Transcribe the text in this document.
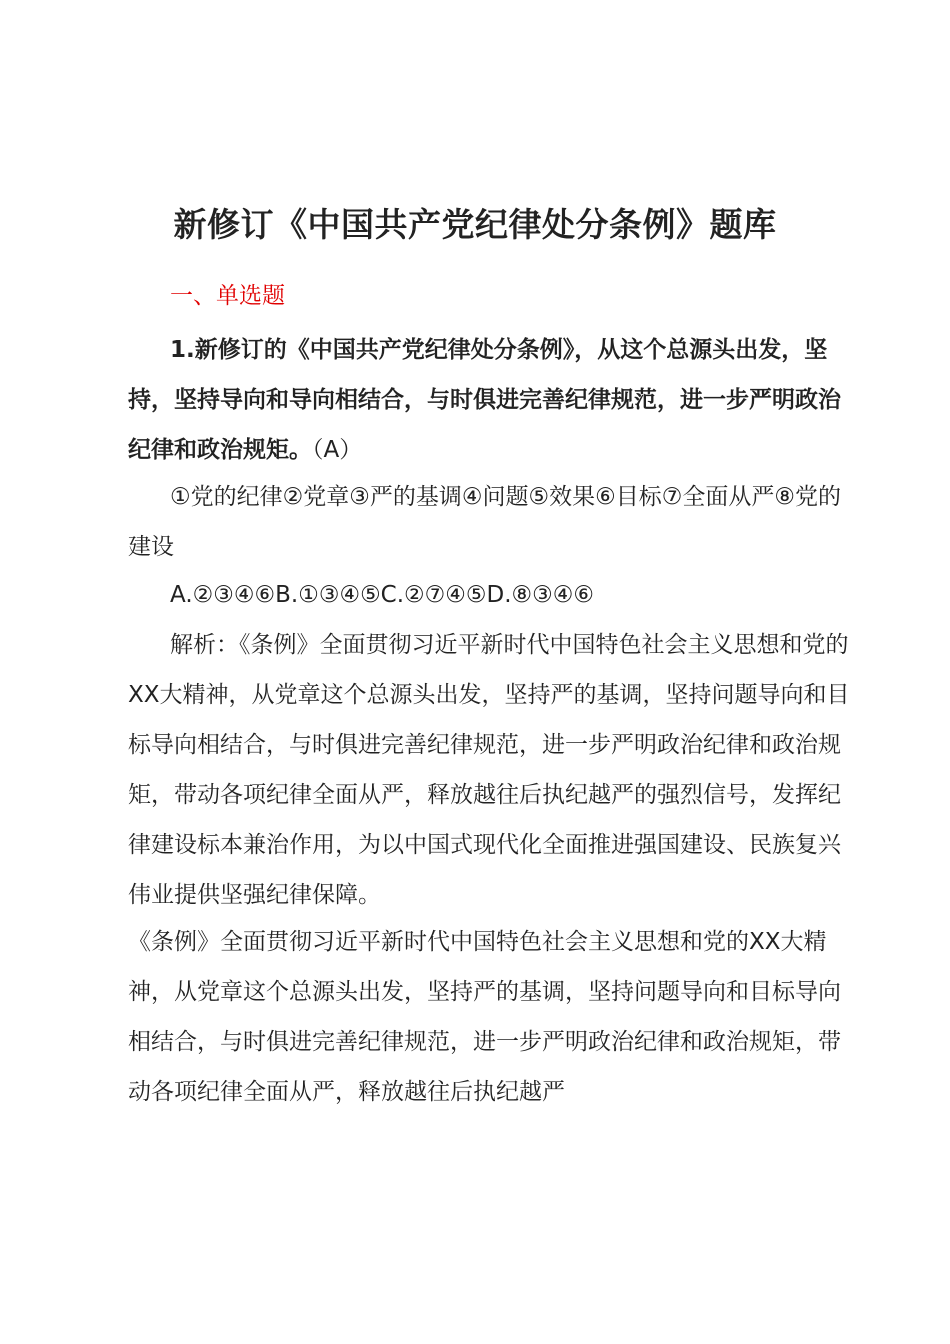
新修订《中国共产党纪律处分条例》题库
一、单选题
1.新修订的《中国共产党纪律处分条例》，从这个总源头出发，坚持，坚持导向和导向相结合，与时俱进完善纪律规范，进一步严明政治纪律和政治规矩。（A）
①党的纪律②党章③严的基调④问题⑤效果⑥目标⑦全面从严⑧党的建设
A.②③④⑥B.①③④⑤C.②⑦④⑤D.⑧③④⑥
解析：《条例》全面贯彻习近平新时代中国特色社会主义思想和党的XX大精神，从党章这个总源头出发，坚持严的基调，坚持问题导向和目标导向相结合，与时俱进完善纪律规范，进一步严明政治纪律和政治规矩，带动各项纪律全面从严，释放越往后执纪越严的强烈信号，发挥纪律建设标本兼治作用，为以中国式现代化全面推进强国建设、民族复兴伟业提供坚强纪律保障。
《条例》全面贯彻习近平新时代中国特色社会主义思想和党的XX大精神，从党章这个总源头出发，坚持严的基调，坚持问题导向和目标导向相结合，与时俱进完善纪律规范，进一步严明政治纪律和政治规矩，带动各项纪律全面从严，释放越往后执纪越严
